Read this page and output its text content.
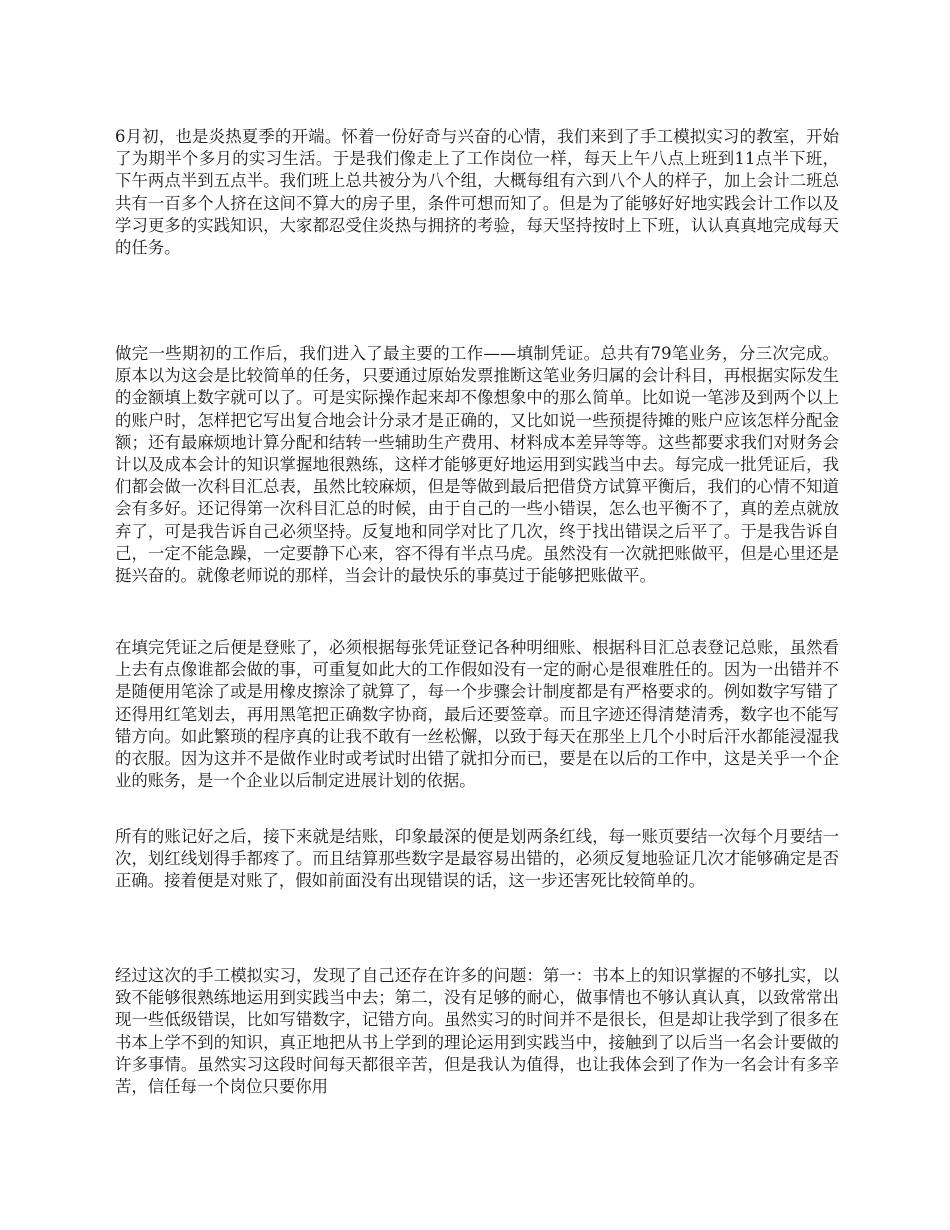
6月初，也是炎热夏季的开端。怀着一份好奇与兴奋的心情，我们来到了手工模拟实习的教室，开始了为期半个多月的实习生活。于是我们像走上了工作岗位一样，每天上午八点上班到11点半下班，下午两点半到五点半。我们班上总共被分为八个组，大概每组有六到八个人的样子，加上会计二班总共有一百多个人挤在这间不算大的房子里，条件可想而知了。但是为了能够好好地实践会计工作以及学习更多的实践知识，大家都忍受住炎热与拥挤的考验，每天坚持按时上下班，认认真真地完成每天的任务。

做完一些期初的工作后，我们进入了最主要的工作——填制凭证。总共有79笔业务，分三次完成。原本以为这会是比较简单的任务，只要通过原始发票推断这笔业务归属的会计科目，再根据实际发生的金额填上数字就可以了。可是实际操作起来却不像想象中的那么简单。比如说一笔涉及到两个以上的账户时，怎样把它写出复合地会计分录才是正确的，又比如说一些预提待摊的账户应该怎样分配金额；还有最麻烦地计算分配和结转一些辅助生产费用、材料成本差异等等。这些都要求我们对财务会计以及成本会计的知识掌握地很熟练，这样才能够更好地运用到实践当中去。每完成一批凭证后，我们都会做一次科目汇总表，虽然比较麻烦，但是等做到最后把借贷方试算平衡后，我们的心情不知道会有多好。还记得第一次科目汇总的时候，由于自己的一些小错误，怎么也平衡不了，真的差点就放弃了，可是我告诉自己必须坚持。反复地和同学对比了几次，终于找出错误之后平了。于是我告诉自己，一定不能急躁，一定要静下心来，容不得有半点马虎。虽然没有一次就把账做平，但是心里还是挺兴奋的。就像老师说的那样，当会计的最快乐的事莫过于能够把账做平。

在填完凭证之后便是登账了，必须根据每张凭证登记各种明细账、根据科目汇总表登记总账，虽然看上去有点像谁都会做的事，可重复如此大的工作假如没有一定的耐心是很难胜任的。因为一出错并不是随便用笔涂了或是用橡皮擦涂了就算了，每一个步骤会计制度都是有严格要求的。例如数字写错了还得用红笔划去，再用黑笔把正确数字协商，最后还要签章。而且字迹还得清楚清秀，数字也不能写错方向。如此繁琐的程序真的让我不敢有一丝松懈，以致于每天在那坐上几个小时后汗水都能浸湿我的衣服。因为这并不是做作业时或考试时出错了就扣分而已，要是在以后的工作中，这是关乎一个企业的账务，是一个企业以后制定进展计划的依据。

所有的账记好之后，接下来就是结账，印象最深的便是划两条红线，每一账页要结一次每个月要结一次，划红线划得手都疼了。而且结算那些数字是最容易出错的，必须反复地验证几次才能够确定是否正确。接着便是对账了，假如前面没有出现错误的话，这一步还害死比较简单的。

经过这次的手工模拟实习，发现了自己还存在许多的问题：第一：书本上的知识掌握的不够扎实，以致不能够很熟练地运用到实践当中去；第二，没有足够的耐心，做事情也不够认真认真，以致常常出现一些低级错误，比如写错数字，记错方向。虽然实习的时间并不是很长，但是却让我学到了很多在书本上学不到的知识，真正地把从书上学到的理论运用到实践当中，接触到了以后当一名会计要做的许多事情。虽然实习这段时间每天都很辛苦，但是我认为值得，也让我体会到了作为一名会计有多辛苦，信任每一个岗位只要你用
